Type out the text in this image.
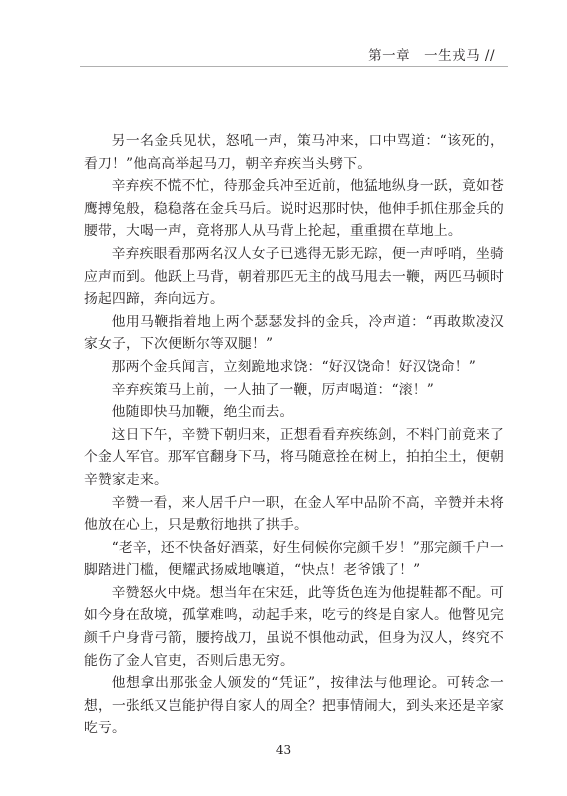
第一章 一生戎马 //

另一名金兵见状，怒吼一声，策马冲来，口中骂道：“该死的，看刀！”他高高举起马刀，朝辛弃疾当头劈下。

辛弃疾不慌不忙，待那金兵冲至近前，他猛地纵身一跃，竟如苍鹰搏兔般，稳稳落在金兵马后。说时迟那时快，他伸手抓住那金兵的腰带，大喝一声，竟将那人从马背上抡起，重重掼在草地上。

辛弃疾眼看那两名汉人女子已逃得无影无踪，便一声呼哨，坐骑应声而到。他跃上马背，朝着那匹无主的战马甩去一鞭，两匹马顿时扬起四蹄，奔向远方。

他用马鞭指着地上两个瑟瑟发抖的金兵，冷声道：“再敢欺凌汉家女子，下次便断尔等双腿！”

那两个金兵闻言，立刻跪地求饶：“好汉饶命！好汉饶命！”

辛弃疾策马上前，一人抽了一鞭，厉声喝道：“滚！”

他随即快马加鞭，绝尘而去。

这日下午，辛赞下朝归来，正想看看弃疾练剑，不料门前竟来了个金人军官。那军官翻身下马，将马随意拴在树上，拍拍尘土，便朝辛赞家走来。

辛赞一看，来人居千户一职，在金人军中品阶不高，辛赞并未将他放在心上，只是敷衍地拱了拱手。

“老辛，还不快备好酒菜，好生伺候你完颜千岁！”那完颜千户一脚踏进门槛，便耀武扬威地嚷道，“快点！老爷饿了！”

辛赞怒火中烧。想当年在宋廷，此等货色连为他提鞋都不配。可如今身在敌境，孤掌难鸣，动起手来，吃亏的终是自家人。他瞥见完颜千户身背弓箭，腰挎战刀，虽说不惧他动武，但身为汉人，终究不能伤了金人官吏，否则后患无穷。

他想拿出那张金人颁发的“凭证”，按律法与他理论。可转念一想，一张纸又岂能护得自家人的周全？把事情闹大，到头来还是辛家吃亏。

43
